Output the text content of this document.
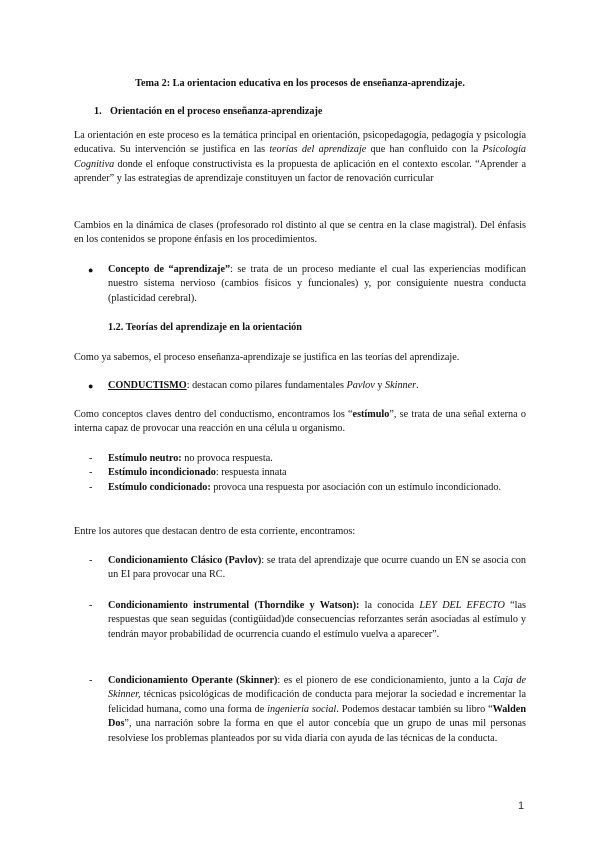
Tema 2: La orientacion educativa en los procesos de enseñanza-aprendizaje.
1. Orientación en el proceso enseñanza-aprendizaje

La orientación en este proceso es la temática principal en orientación, psicopedagogía, pedagogía y psicología educativa. Su intervención se justifica en las teorías del aprendizaje que han confluido con la Psicología Cognitiva donde el enfoque constructivista es la propuesta de aplicación en el contexto escolar. “Aprender a aprender” y las estrategias de aprendizaje constituyen un factor de renovación curricular

Cambios en la dinámica de clases (profesorado rol distinto al que se centra en la clase magistral). Del énfasis en los contenidos se propone énfasis en los procedimientos.

● Concepto de “aprendizaje”: se trata de un proceso mediante el cual las experiencias modifican nuestro sistema nervioso (cambios físicos y funcionales) y, por consiguiente nuestra conducta (plasticidad cerebral).

1.2. Teorías del aprendizaje en la orientación

Como ya sabemos, el proceso enseñanza-aprendizaje se justifica en las teorías del aprendizaje.

● CONDUCTISMO: destacan como pilares fundamentales Pavlov y Skinner.

Como conceptos claves dentro del conductismo, encontramos los “estímulo”, se trata de una señal externa o interna capaz de provocar una reacción en una célula u organismo.

- Estímulo neutro: no provoca respuesta.

- Estímulo incondicionado: respuesta innata

- Estímulo condicionado: provoca una respuesta por asociación con un estímulo incondicionado.

Entre los autores que destacan dentro de esta corriente, encontramos:

- Condicionamiento Clásico (Pavlov): se trata del aprendizaje que ocurre cuando un EN se asocia con un EI para provocar una RC.

- Condicionamiento instrumental (Thorndike y Watson): la conocida LEY DEL EFECTO “las respuestas que sean seguidas (contigüidad)de consecuencias reforzantes serán asociadas al estímulo y tendrán mayor probabilidad de ocurrencia cuando el estímulo vuelva a aparecer”.

- Condicionamiento Operante (Skinner): es el pionero de ese condicionamiento, junto a la Caja de Skinner, técnicas psicológicas de modificación de conducta para mejorar la sociedad e incrementar la felicidad humana, como una forma de ingeniería social. Podemos destacar también su libro “Walden Dos”, una narración sobre la forma en que el autor concebía que un grupo de unas mil personas resolviese los problemas planteados por su vida diaria con ayuda de las técnicas de la conducta.

1
